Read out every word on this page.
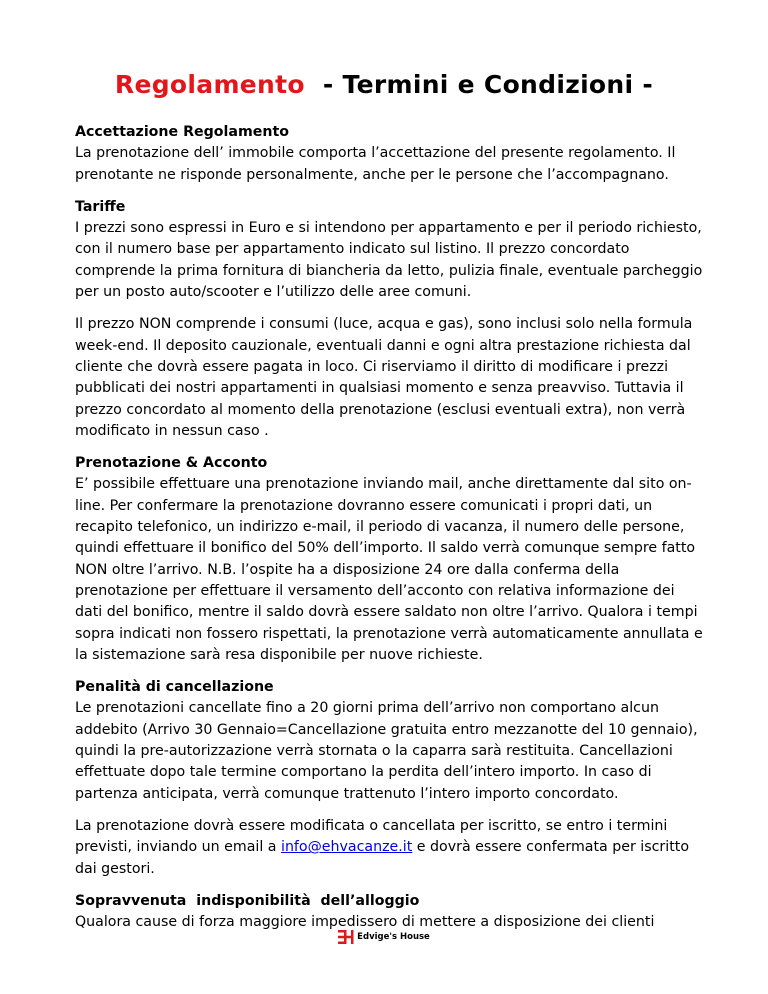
Regolamento  - Termini e Condizioni -
Accettazione Regolamento

La prenotazione dell’ immobile comporta l’accettazione del presente regolamento. Il prenotante ne risponde personalmente, anche per le persone che l’accompagnano.

Tariffe

I prezzi sono espressi in Euro e si intendono per appartamento e per il periodo richiesto, con il numero base per appartamento indicato sul listino. Il prezzo concordato comprende la prima fornitura di biancheria da letto, pulizia finale, eventuale parcheggio per un posto auto/scooter e l’utilizzo delle aree comuni.

Il prezzo NON comprende i consumi (luce, acqua e gas), sono inclusi solo nella formula week-end. Il deposito cauzionale, eventuali danni e ogni altra prestazione richiesta dal cliente che dovrà essere pagata in loco. Ci riserviamo il diritto di modificare i prezzi pubblicati dei nostri appartamenti in qualsiasi momento e senza preavviso. Tuttavia il prezzo concordato al momento della prenotazione (esclusi eventuali extra), non verrà modificato in nessun caso .

Prenotazione & Acconto

E’ possibile effettuare una prenotazione inviando mail, anche direttamente dal sito on-line. Per confermare la prenotazione dovranno essere comunicati i propri dati, un recapito telefonico, un indirizzo e-mail, il periodo di vacanza, il numero delle persone, quindi effettuare il bonifico del 50% dell’importo. Il saldo verrà comunque sempre fatto NON oltre l’arrivo. N.B. l’ospite ha a disposizione 24 ore dalla conferma della prenotazione per effettuare il versamento dell’acconto con relativa informazione dei dati del bonifico, mentre il saldo dovrà essere saldato non oltre l’arrivo. Qualora i tempi sopra indicati non fossero rispettati, la prenotazione verrà automaticamente annullata e la sistemazione sarà resa disponibile per nuove richieste.

Penalità di cancellazione

Le prenotazioni cancellate fino a 20 giorni prima dell’arrivo non comportano alcun addebito (Arrivo 30 Gennaio=Cancellazione gratuita entro mezzanotte del 10 gennaio), quindi la pre-autorizzazione verrà stornata o la caparra sarà restituita. Cancellazioni effettuate dopo tale termine comportano la perdita dell’intero importo. In caso di partenza anticipata, verrà comunque trattenuto l’intero importo concordato.

La prenotazione dovrà essere modificata o cancellata per iscritto, se entro i termini previsti, inviando un email a info@ehvacanze.it e dovrà essere confermata per iscritto dai gestori.

Sopravvenuta  indisponibilità  dell’alloggio

Qualora cause di forza maggiore impedissero di mettere a disposizione dei clienti

Edvige's House
